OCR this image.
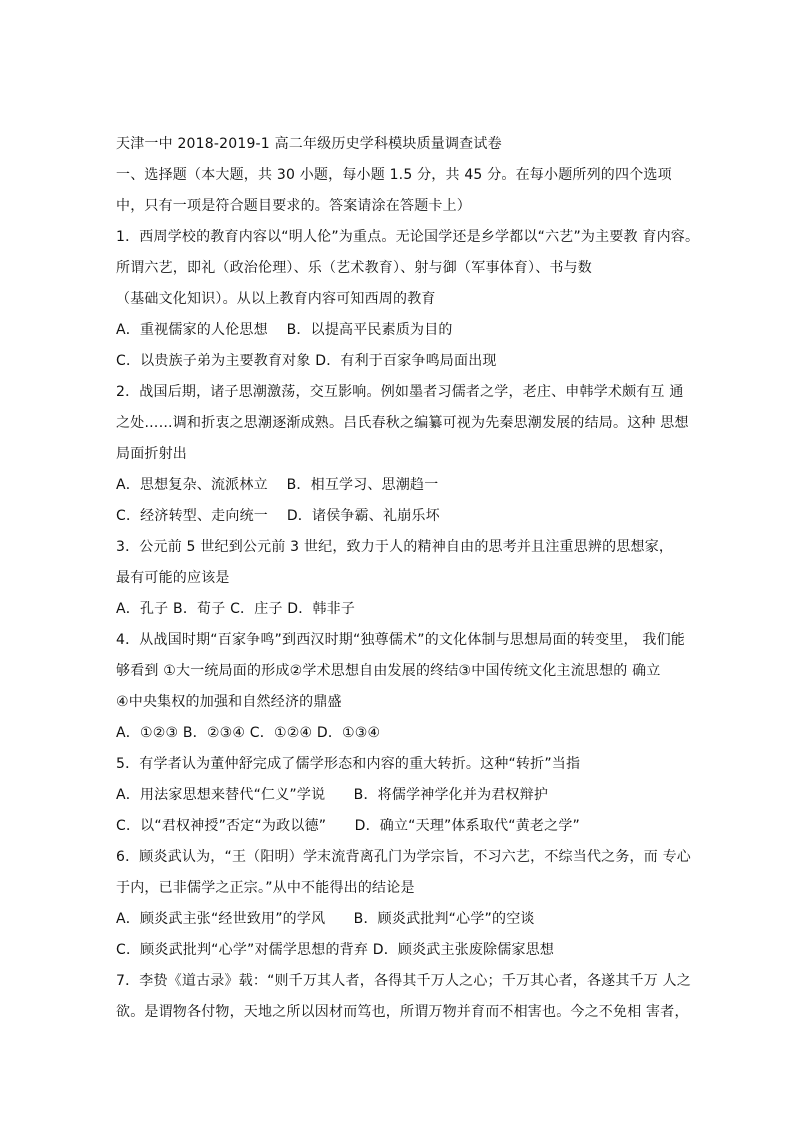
天津一中 2018-2019-1 高二年级历史学科模块质量调查试卷
一、选择题（本大题，共 30 小题，每小题 1.5 分，共 45 分。在每小题所列的四个选项
中，只有一项是符合题目要求的。答案请涂在答题卡上）
1．西周学校的教育内容以“明人伦”为重点。无论国学还是乡学都以“六艺”为主要教 育内容。
所谓六艺，即礼（政治伦理）、乐（艺术教育）、射与御（军事体育）、书与数
（基础文化知识）。从以上教育内容可知西周的教育
A．重视儒家的人伦思想　 B．以提高平民素质为目的
C．以贵族子弟为主要教育对象 D．有利于百家争鸣局面出现
2．战国后期，诸子思潮激荡，交互影响。例如墨者习儒者之学，老庄、申韩学术颇有互 通
之处……调和折衷之思潮逐渐成熟。吕氏春秋之编纂可视为先秦思潮发展的结局。这种 思想
局面折射出
A．思想复杂、流派林立　 B．相互学习、思潮趋一
C．经济转型、走向统一　 D．诸侯争霸、礼崩乐坏
3．公元前 5 世纪到公元前 3 世纪，致力于人的精神自由的思考并且注重思辨的思想家，
最有可能的应该是
A．孔子 B．荀子 C．庄子 D．韩非子
4．从战国时期“百家争鸣”到西汉时期“独尊儒术”的文化体制与思想局面的转变里， 我们能
够看到 ①大一统局面的形成②学术思想自由发展的终结③中国传统文化主流思想的 确立
④中央集权的加强和自然经济的鼎盛
A．①②③ B．②③④ C．①②④ D．①③④
5．有学者认为董仲舒完成了儒学形态和内容的重大转折。这种“转折”当指
A．用法家思想来替代“仁义”学说　　B．将儒学神学化并为君权辩护
C．以“君权神授”否定“为政以德”　　D．确立“天理”体系取代“黄老之学”
6．顾炎武认为，“王（阳明）学末流背离孔门为学宗旨，不习六艺，不综当代之务，而 专心
于内，已非儒学之正宗。”从中不能得出的结论是
A．顾炎武主张“经世致用”的学风　　B．顾炎武批判“心学”的空谈
C．顾炎武批判“心学”对儒学思想的背弃 D．顾炎武主张废除儒家思想
7．李贽《道古录》载：“则千万其人者，各得其千万人之心；千万其心者，各遂其千万 人之
欲。是谓物各付物，天地之所以因材而笃也，所谓万物并育而不相害也。今之不免相 害者，
